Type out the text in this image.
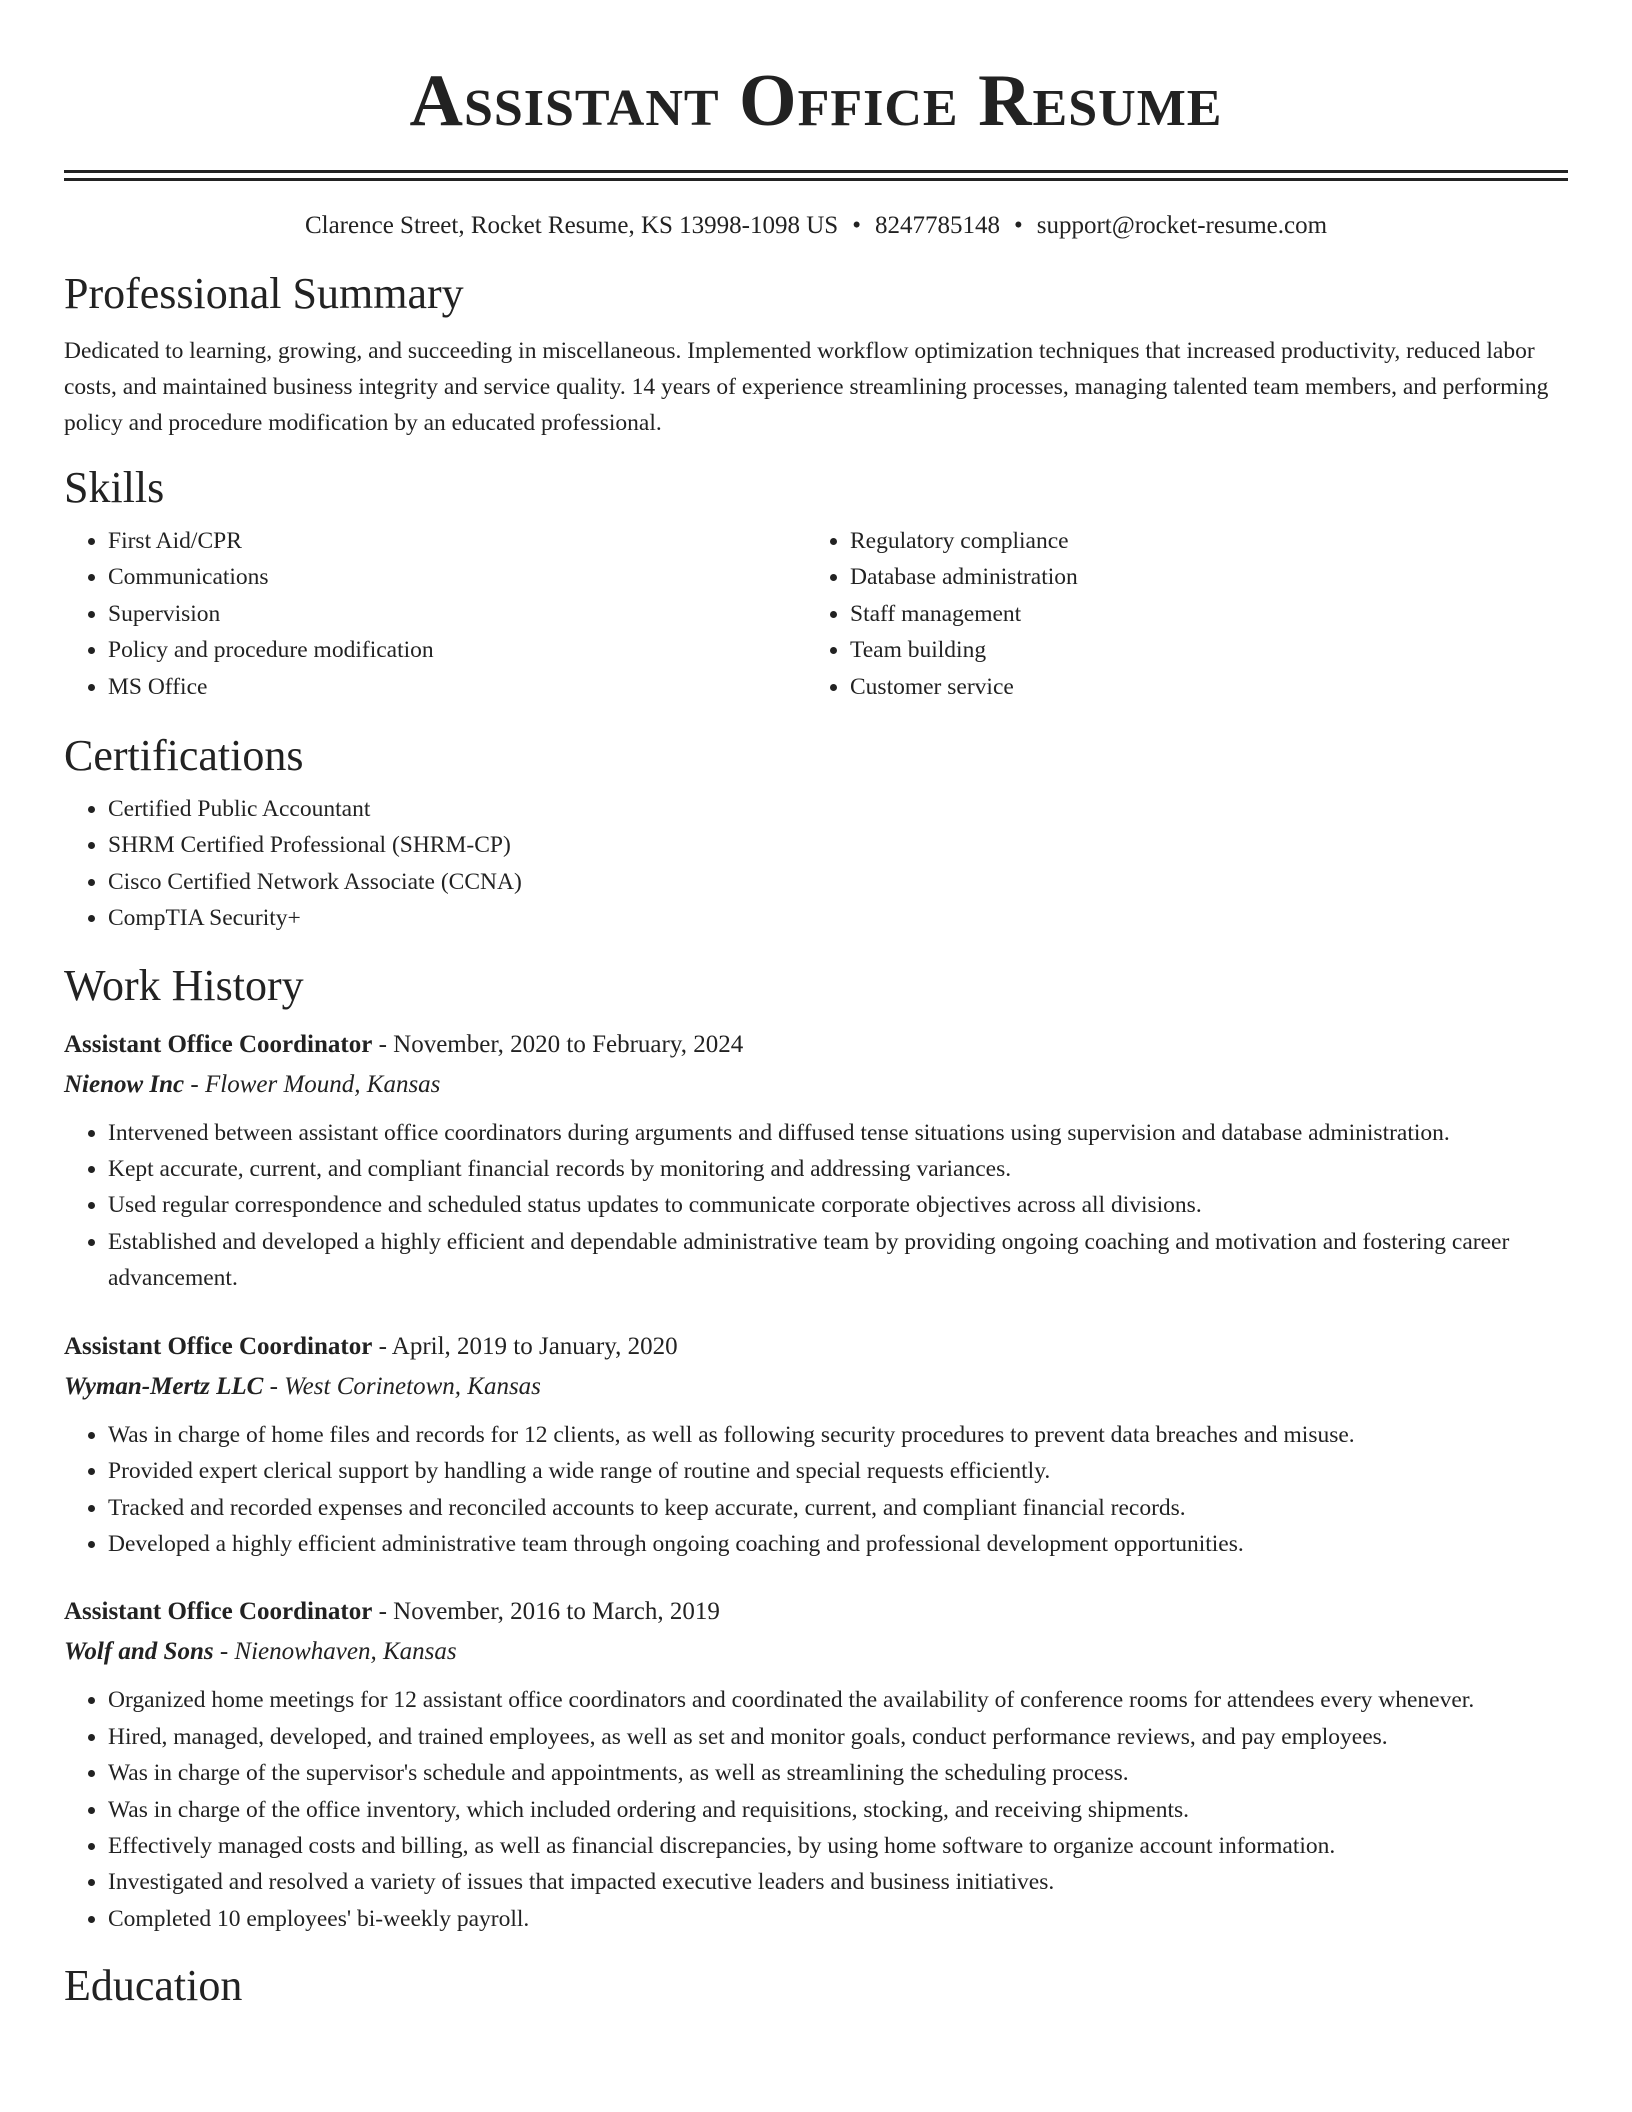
Assistant Office Resume
Clarence Street, Rocket Resume, KS 13998-1098 US • 8247785148 • support@rocket-resume.com
Professional Summary

Dedicated to learning, growing, and succeeding in miscellaneous. Implemented workflow optimization techniques that increased productivity, reduced labor costs, and maintained business integrity and service quality. 14 years of experience streamlining processes, managing talented team members, and performing policy and procedure modification by an educated professional.

Skills
• First Aid/CPR
• Communications
• Supervision
• Policy and procedure modification
• MS Office
• Regulatory compliance
• Database administration
• Staff management
• Team building
• Customer service
Certifications
• Certified Public Accountant
• SHRM Certified Professional (SHRM-CP)
• Cisco Certified Network Associate (CCNA)
• CompTIA Security+
Work History
Assistant Office Coordinator - November, 2020 to February, 2024
Nienow Inc - Flower Mound, Kansas
• Intervened between assistant office coordinators during arguments and diffused tense situations using supervision and database administration.
• Kept accurate, current, and compliant financial records by monitoring and addressing variances.
• Used regular correspondence and scheduled status updates to communicate corporate objectives across all divisions.
• Established and developed a highly efficient and dependable administrative team by providing ongoing coaching and motivation and fostering career advancement.
Assistant Office Coordinator - April, 2019 to January, 2020
Wyman-Mertz LLC - West Corinetown, Kansas
• Was in charge of home files and records for 12 clients, as well as following security procedures to prevent data breaches and misuse.
• Provided expert clerical support by handling a wide range of routine and special requests efficiently.
• Tracked and recorded expenses and reconciled accounts to keep accurate, current, and compliant financial records.
• Developed a highly efficient administrative team through ongoing coaching and professional development opportunities.
Assistant Office Coordinator - November, 2016 to March, 2019
Wolf and Sons - Nienowhaven, Kansas
• Organized home meetings for 12 assistant office coordinators and coordinated the availability of conference rooms for attendees every whenever.
• Hired, managed, developed, and trained employees, as well as set and monitor goals, conduct performance reviews, and pay employees.
• Was in charge of the supervisor's schedule and appointments, as well as streamlining the scheduling process.
• Was in charge of the office inventory, which included ordering and requisitions, stocking, and receiving shipments.
• Effectively managed costs and billing, as well as financial discrepancies, by using home software to organize account information.
• Investigated and resolved a variety of issues that impacted executive leaders and business initiatives.
• Completed 10 employees' bi-weekly payroll.
Education
